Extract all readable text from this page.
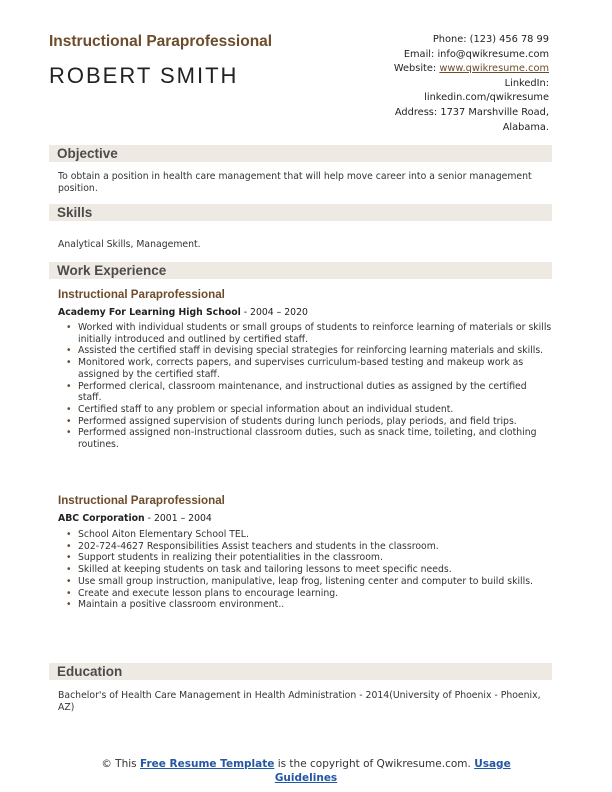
Instructional Paraprofessional
ROBERT SMITH
Phone: (123) 456 78 99
Email: info@qwikresume.com
Website: www.qwikresume.com
LinkedIn:
linkedin.com/qwikresume
Address: 1737 Marshville Road,
Alabama.
Objective
To obtain a position in health care management that will help move career into a senior management position.
Skills
Analytical Skills, Management.
Work Experience
Instructional Paraprofessional
Academy For Learning High School - 2004 – 2020
• Worked with individual students or small groups of students to reinforce learning of materials or skills initially introduced and outlined by certified staff.
• Assisted the certified staff in devising special strategies for reinforcing learning materials and skills.
• Monitored work, corrects papers, and supervises curriculum-based testing and makeup work as assigned by the certified staff.
• Performed clerical, classroom maintenance, and instructional duties as assigned by the certified staff.
• Certified staff to any problem or special information about an individual student.
• Performed assigned supervision of students during lunch periods, play periods, and field trips.
• Performed assigned non-instructional classroom duties, such as snack time, toileting, and clothing routines.
Instructional Paraprofessional
ABC Corporation - 2001 – 2004
• School Aiton Elementary School TEL.
• 202-724-4627 Responsibilities Assist teachers and students in the classroom.
• Support students in realizing their potentialities in the classroom.
• Skilled at keeping students on task and tailoring lessons to meet specific needs.
• Use small group instruction, manipulative, leap frog, listening center and computer to build skills.
• Create and execute lesson plans to encourage learning.
• Maintain a positive classroom environment..
Education
Bachelor's of Health Care Management in Health Administration - 2014(University of Phoenix - Phoenix, AZ)
© This Free Resume Template is the copyright of Qwikresume.com. Usage
Guidelines
